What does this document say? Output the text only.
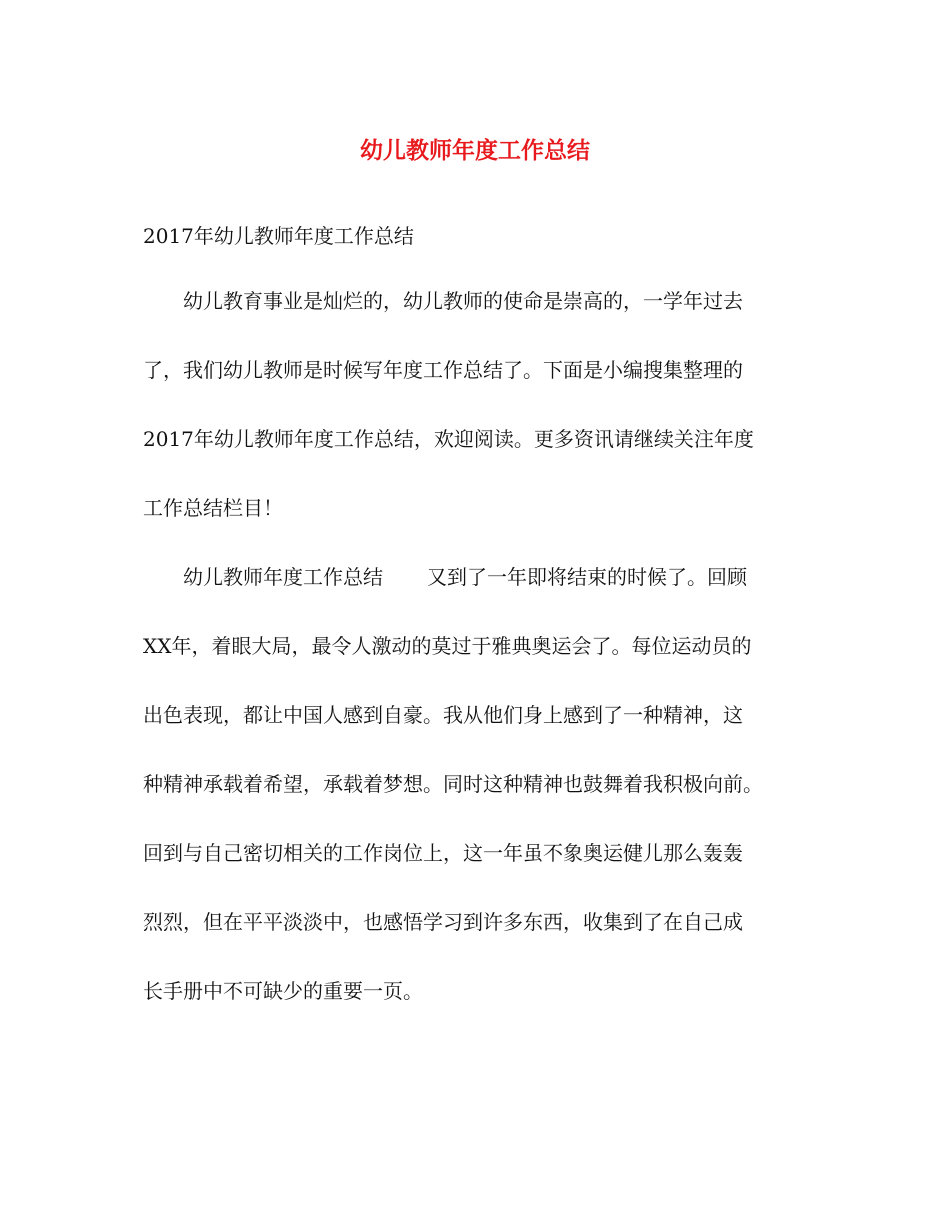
幼儿教师年度工作总结

2017年幼儿教师年度工作总结

幼儿教育事业是灿烂的，幼儿教师的使命是崇高的，一学年过去

了，我们幼儿教师是时候写年度工作总结了。下面是小编搜集整理的

2017年幼儿教师年度工作总结，欢迎阅读。更多资讯请继续关注年度

工作总结栏目！

幼儿教师年度工作总结 又到了一年即将结束的时候了。回顾

XX年，着眼大局，最令人激动的莫过于雅典奥运会了。每位运动员的

出色表现，都让中国人感到自豪。我从他们身上感到了一种精神，这

种精神承载着希望，承载着梦想。同时这种精神也鼓舞着我积极向前。

回到与自己密切相关的工作岗位上，这一年虽不象奥运健儿那么轰轰

烈烈，但在平平淡淡中，也感悟学习到许多东西，收集到了在自己成

长手册中不可缺少的重要一页。
